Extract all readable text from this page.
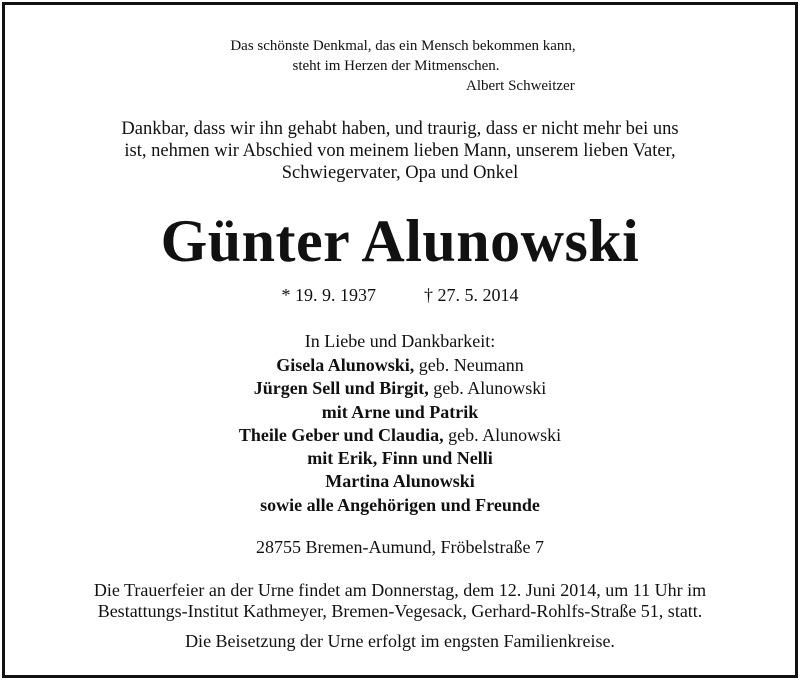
Das schönste Denkmal, das ein Mensch bekommen kann,
steht im Herzen der Mitmenschen.
Albert Schweitzer
Dankbar, dass wir ihn gehabt haben, und traurig, dass er nicht mehr bei uns
ist, nehmen wir Abschied von meinem lieben Mann, unserem lieben Vater,
Schwiegervater, Opa und Onkel
Günter Alunowski
* 19. 9. 1937	† 27. 5. 2014
In Liebe und Dankbarkeit:
Gisela Alunowski, geb. Neumann
Jürgen Sell und Birgit, geb. Alunowski
mit Arne und Patrik
Theile Geber und Claudia, geb. Alunowski
mit Erik, Finn und Nelli
Martina Alunowski
sowie alle Angehörigen und Freunde
28755 Bremen-Aumund, Fröbelstraße 7
Die Trauerfeier an der Urne findet am Donnerstag, dem 12. Juni 2014, um 11 Uhr im
Bestattungs-Institut Kathmeyer, Bremen-Vegesack, Gerhard-Rohlfs-Straße 51, statt.
Die Beisetzung der Urne erfolgt im engsten Familienkreise.
